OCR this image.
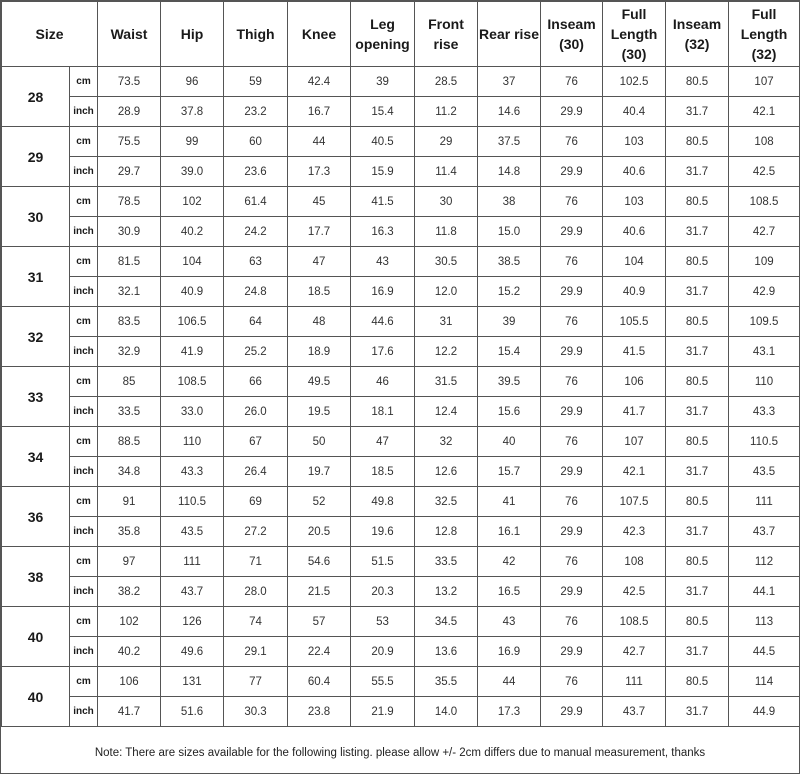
Size		Waist	Hip	Thigh	Knee	Leg opening	Front rise	Rear rise	Inseam (30)	Full Length (30)	Inseam (32)	Full Length (32)
28	cm	73.5	96	59	42.4	39	28.5	37	76	102.5	80.5	107
	inch	28.9	37.8	23.2	16.7	15.4	11.2	14.6	29.9	40.4	31.7	42.1
29	cm	75.5	99	60	44	40.5	29	37.5	76	103	80.5	108
	inch	29.7	39.0	23.6	17.3	15.9	11.4	14.8	29.9	40.6	31.7	42.5
30	cm	78.5	102	61.4	45	41.5	30	38	76	103	80.5	108.5
	inch	30.9	40.2	24.2	17.7	16.3	11.8	15.0	29.9	40.6	31.7	42.7
31	cm	81.5	104	63	47	43	30.5	38.5	76	104	80.5	109
	inch	32.1	40.9	24.8	18.5	16.9	12.0	15.2	29.9	40.9	31.7	42.9
32	cm	83.5	106.5	64	48	44.6	31	39	76	105.5	80.5	109.5
	inch	32.9	41.9	25.2	18.9	17.6	12.2	15.4	29.9	41.5	31.7	43.1
33	cm	85	108.5	66	49.5	46	31.5	39.5	76	106	80.5	110
	inch	33.5	33.0	26.0	19.5	18.1	12.4	15.6	29.9	41.7	31.7	43.3
34	cm	88.5	110	67	50	47	32	40	76	107	80.5	110.5
	inch	34.8	43.3	26.4	19.7	18.5	12.6	15.7	29.9	42.1	31.7	43.5
36	cm	91	110.5	69	52	49.8	32.5	41	76	107.5	80.5	111
	inch	35.8	43.5	27.2	20.5	19.6	12.8	16.1	29.9	42.3	31.7	43.7
38	cm	97	111	71	54.6	51.5	33.5	42	76	108	80.5	112
	inch	38.2	43.7	28.0	21.5	20.3	13.2	16.5	29.9	42.5	31.7	44.1
40	cm	102	126	74	57	53	34.5	43	76	108.5	80.5	113
	inch	40.2	49.6	29.1	22.4	20.9	13.6	16.9	29.9	42.7	31.7	44.5
40	cm	106	131	77	60.4	55.5	35.5	44	76	111	80.5	114
	inch	41.7	51.6	30.3	23.8	21.9	14.0	17.3	29.9	43.7	31.7	44.9
Note: There are sizes available for the following listing. please allow +/- 2cm differs due to manual measurement, thanks
